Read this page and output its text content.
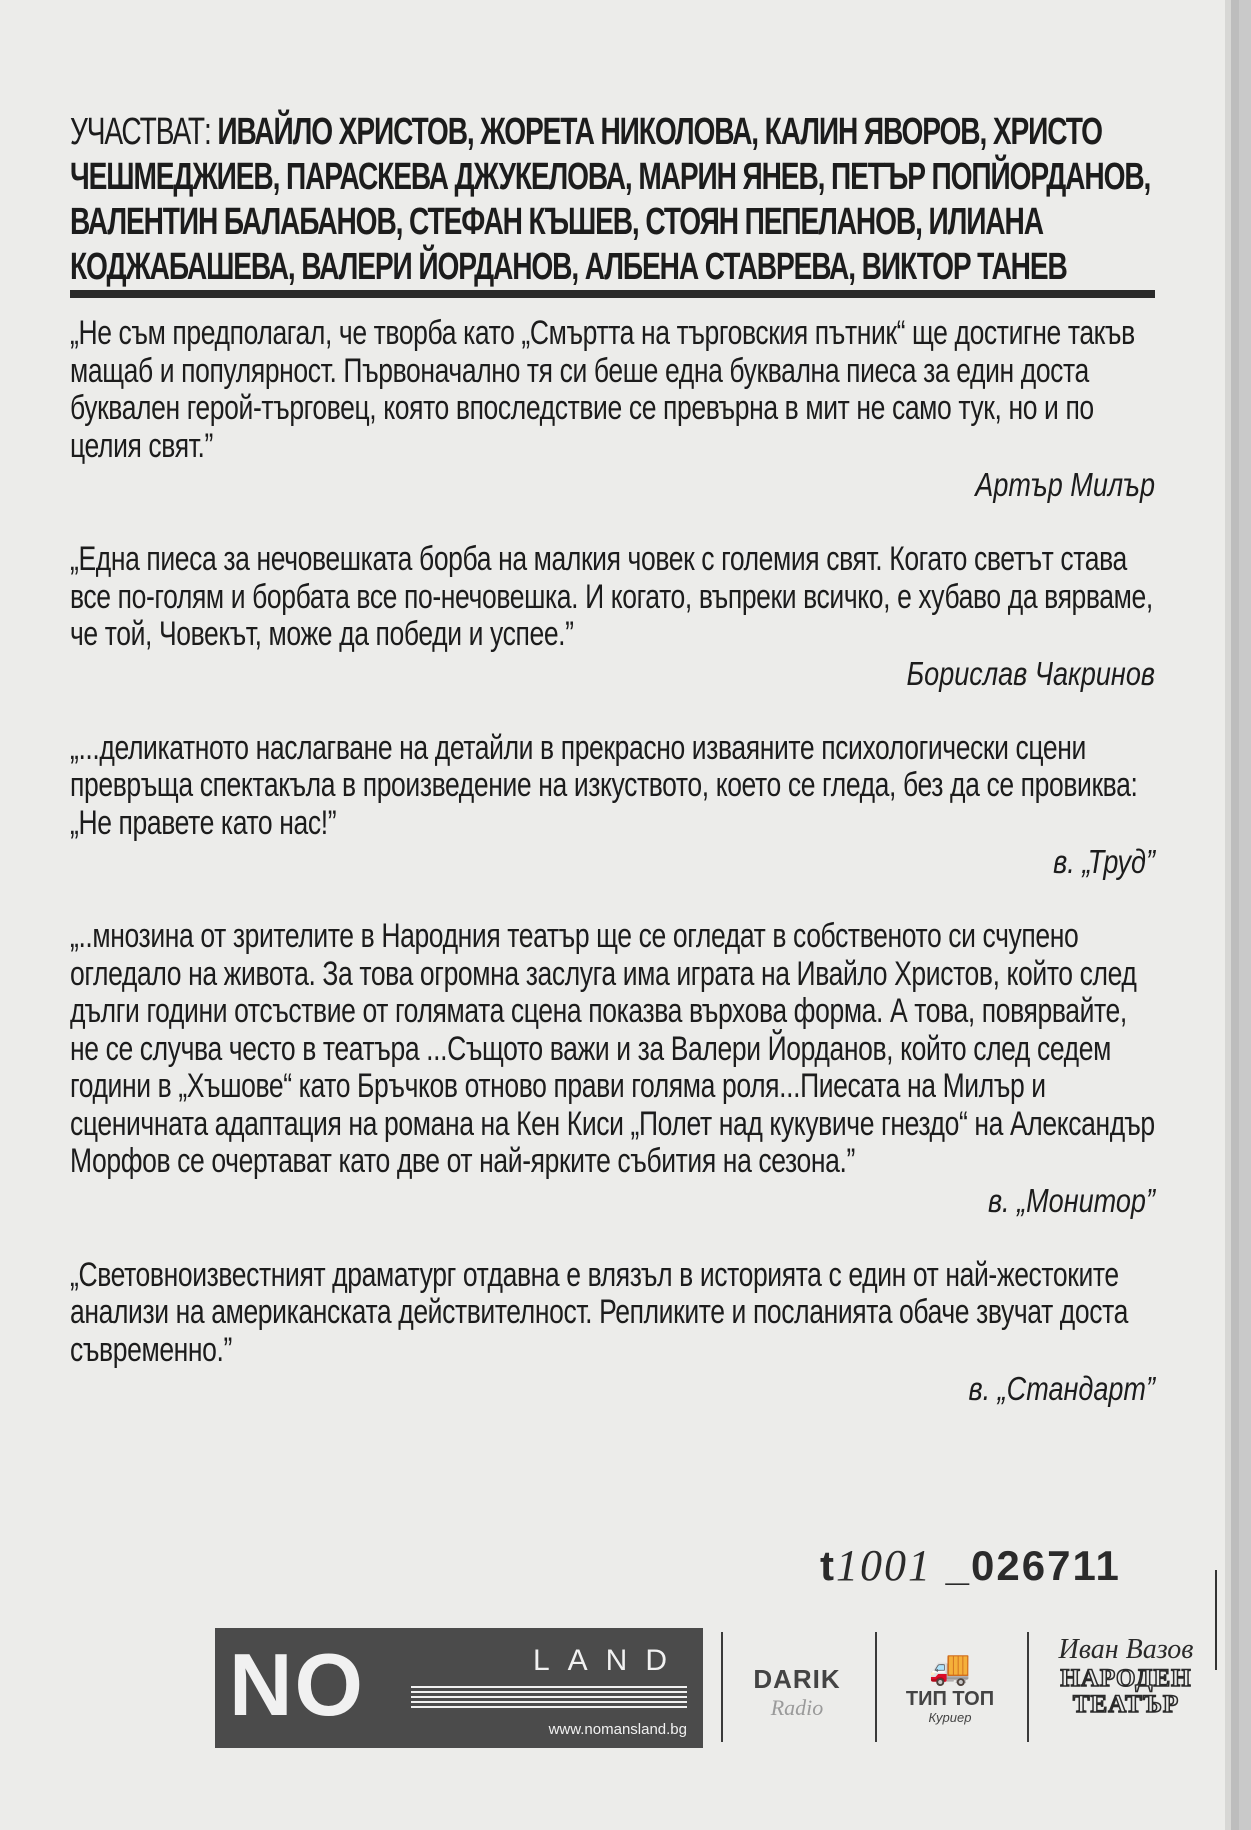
УЧАСТВАТ: ИВАЙЛО ХРИСТОВ, ЖОРЕТА НИКОЛОВА, КАЛИН ЯВОРОВ, ХРИСТО ЧЕШМЕДЖИЕВ, ПАРАСКЕВА ДЖУКЕЛОВА, МАРИН ЯНЕВ, ПЕТЪР ПОПЙОРДАНОВ, ВАЛЕНТИН БАЛАБАНОВ, СТЕФАН КЪШЕВ, СТОЯН ПЕПЕЛАНОВ, ИЛИАНА КОДЖАБАШЕВА, ВАЛЕРИ ЙОРДАНОВ, АЛБЕНА СТАВРЕВА, ВИКТОР ТАНЕВ
„Не съм предполагал, че творба като „Смъртта на търговския пътник“ ще достигне такъв мащаб и популярност. Първоначално тя си беше една буквална пиеса за един доста буквален герой-търговец, която впоследствие се превърна в мит не само тук, но и по целия свят.”
Артър Милър
„Една пиеса за нечовешката борба на малкия човек с големия свят. Когато светът става все по-голям и борбата все по-нечовешка. И когато, въпреки всичко, е хубаво да вярваме, че той, Човекът, може да победи и успее.”
Борислав Чакринов
„...деликатното наслагване на детайли в прекрасно изваяните психологически сцени превръща спектакъла в произведение на изкуството, което се гледа, без да се провиква: „Не правете като нас!”
в. „Труд”
„..мнозина от зрителите в Народния театър ще се огледат в собственото си счупено огледало на живота. За това огромна заслуга има играта на Ивайло Христов, който след дълги години отсъствие от голямата сцена показва върхова форма. А това, повярвайте, не се случва често в театъра ...Същото важи и за Валери Йорданов, който след седем години в „Хъшове“ като Бръчков отново прави голяма роля...Пиесата на Милър и сценичната адаптация на романа на Кен Киси „Полет над кукувиче гнездо“ на Александър Морфов се очертават като две от най-ярките събития на сезона.”
в. „Монитор”
„Световноизвестният драматург отдавна е влязъл в историята с един от най-жестоките анализи на американската действителност. Репликите и посланията обаче звучат доста съвременно.”
в. „Стандарт”
t1001 _026711
NO	LAND
www.nomansland.bg
DARIK
Radio
🚚
ТИП ТОП
Куриер
Иван Вазов
НАРОДЕН
ТЕАТЪР
